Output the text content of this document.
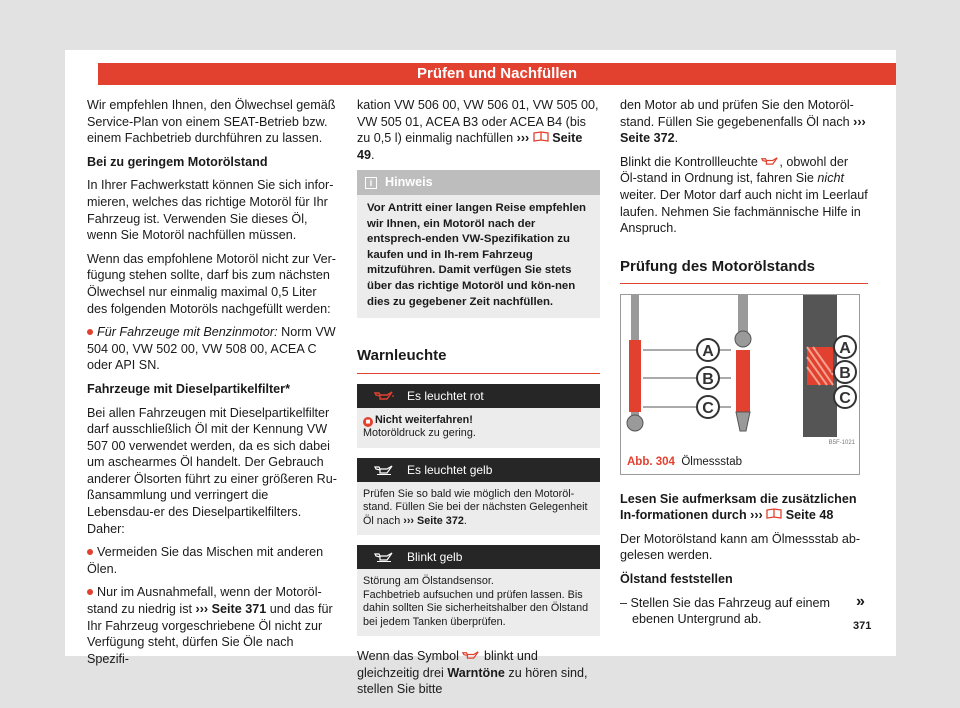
Prüfen und Nachfüllen

Wir empfehlen Ihnen, den Ölwechsel gemäß Service-Plan von einem SEAT-Betrieb bzw. einem Fachbetrieb durchführen zu lassen.

Bei zu geringem Motorölstand

In Ihrer Fachwerkstatt können Sie sich infor-mieren, welches das richtige Motoröl für Ihr Fahrzeug ist. Verwenden Sie dieses Öl, wenn Sie Motoröl nachfüllen müssen.

Wenn das empfohlene Motoröl nicht zur Ver-fügung stehen sollte, darf bis zum nächsten Ölwechsel nur einmalig maximal 0,5 Liter des folgenden Motoröls nachgefüllt werden:

Für Fahrzeuge mit Benzinmotor: Norm VW 504 00, VW 502 00, VW 508 00, ACEA C oder API SN.

Fahrzeuge mit Dieselpartikelfilter*

Bei allen Fahrzeugen mit Dieselpartikelfilter darf ausschließlich Öl mit der Kennung VW 507 00 verwendet werden, da es sich dabei um aschearmes Öl handelt. Der Gebrauch anderer Ölsorten führt zu einer größeren Ru-ßansammlung und verringert die Lebensdau-er des Dieselpartikelfilters. Daher:

Vermeiden Sie das Mischen mit anderen Ölen.

Nur im Ausnahmefall, wenn der Motoröl-stand zu niedrig ist ››› Seite 371 und das für Ihr Fahrzeug vorgeschriebene Öl nicht zur Verfügung steht, dürfen Sie Öle nach Spezifi-

kation VW 506 00, VW 506 01, VW 505 00, VW 505 01, ACEA B3 oder ACEA B4 (bis zu 0,5 l) einmalig nachfüllen ›››  Seite 49.

i Hinweis
Vor Antritt einer langen Reise empfehlen wir Ihnen, ein Motoröl nach der entsprech-enden VW-Spezifikation zu kaufen und in Ih-rem Fahrzeug mitzuführen. Damit verfügen Sie stets über das richtige Motoröl und kön-nen dies zu gegebener Zeit nachfüllen.
Warnleuchte
Es leuchtet rot
■ Nicht weiterfahren!
Motoröldruck zu gering.
Es leuchtet gelb
Prüfen Sie so bald wie möglich den Motorölstand. Füllen Sie bei der nächsten Gelegenheit Öl nach ››› Seite 372.
Blinkt gelb
Störung am Ölstandsensor.
Fachbetrieb aufsuchen und prüfen lassen. Bis dahin sollten Sie sicherheitshalber den Ölstand bei jedem Tanken überprüfen.

Wenn das Symbol  blinkt und gleichzeitig drei Warntöne zu hören sind, stellen Sie bitte

den Motor ab und prüfen Sie den Motoröl-stand. Füllen Sie gegebenenfalls Öl nach ››› Seite 372.

Blinkt die Kontrollleuchte , obwohl der Öl-stand in Ordnung ist, fahren Sie nicht weiter. Der Motor darf auch nicht im Leerlauf laufen. Nehmen Sie fachmännische Hilfe in Anspruch.

Prüfung des Motorölstands
A
B
C
A
B
C
B5F-1021
Abb. 304 Ölmessstab

Lesen Sie aufmerksam die zusätzlichen In-formationen durch ›››  Seite 48

Der Motorölstand kann am Ölmessstab ab-gelesen werden.

Ölstand feststellen

– Stellen Sie das Fahrzeug auf einem ebenen Untergrund ab.

»
371
